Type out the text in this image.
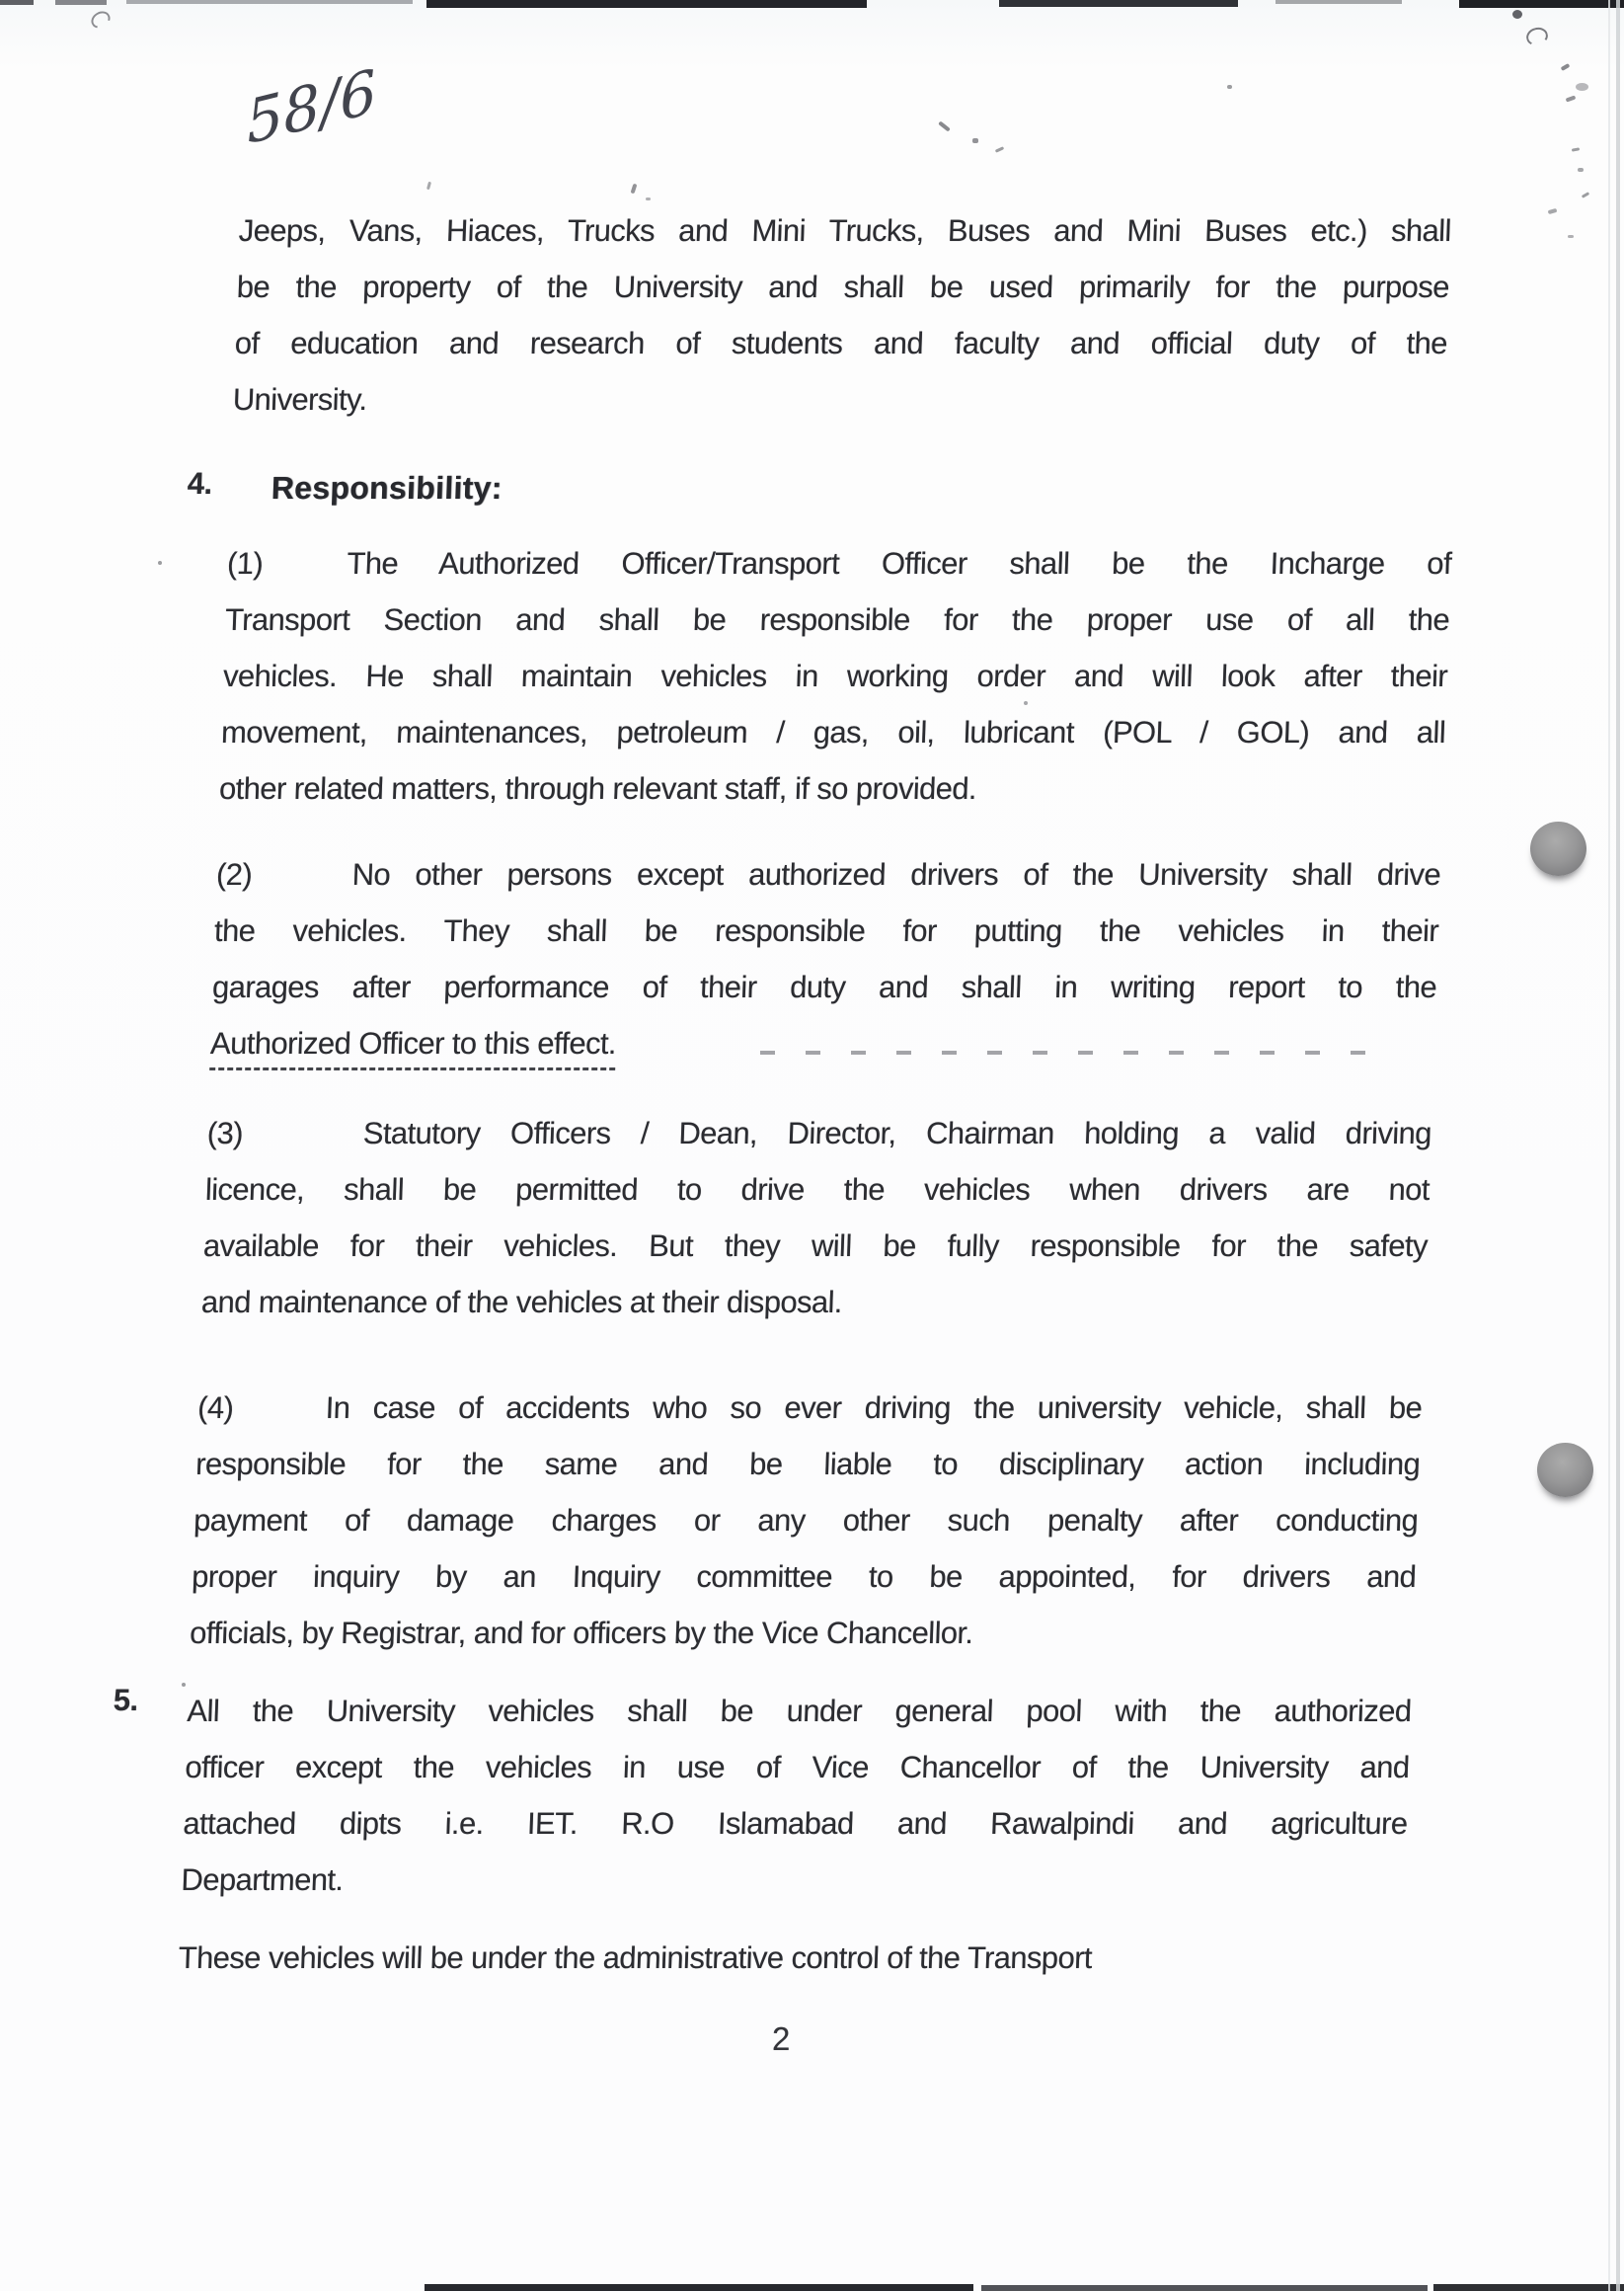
58/6
Jeeps, Vans, Hiaces, Trucks and Mini Trucks, Buses and Mini Buses etc.) shall
be the property of the University and shall be used primarily for the purpose
of education and research of students and faculty and official duty of the
University.
4. Responsibility:
(1)  The Authorized Officer/Transport Officer shall be the Incharge of
Transport Section and shall be responsible for the proper use of all the
vehicles. He shall maintain vehicles in working order and will look after their
movement, maintenances, petroleum / gas, oil, lubricant (POL / GOL) and all
other related matters, through relevant staff, if so provided.
(2)    No other persons except authorized drivers of the University shall drive
the vehicles. They shall be responsible for putting the vehicles in their
garages after performance of their duty and shall in writing report to the
Authorized Officer to this effect.
(3)    Statutory Officers / Dean, Director, Chairman holding a valid driving
licence, shall be permitted to drive the vehicles when drivers are not
available for their vehicles. But they will be fully responsible for the safety
and maintenance of the vehicles at their disposal.
(4)    In case of accidents who so ever driving the university vehicle, shall be
responsible for the same and be liable to disciplinary action including
payment of damage charges or any other such penalty after conducting
proper inquiry by an Inquiry committee to be appointed, for drivers and
officials, by Registrar, and for officers by the Vice Chancellor.
5. All the University vehicles shall be under general pool with the authorized
officer except the vehicles in use of Vice Chancellor of the University and
attached dipts i.e. IET. R.O Islamabad and Rawalpindi and agriculture
Department.
These vehicles will be under the administrative control of the Transport
2
